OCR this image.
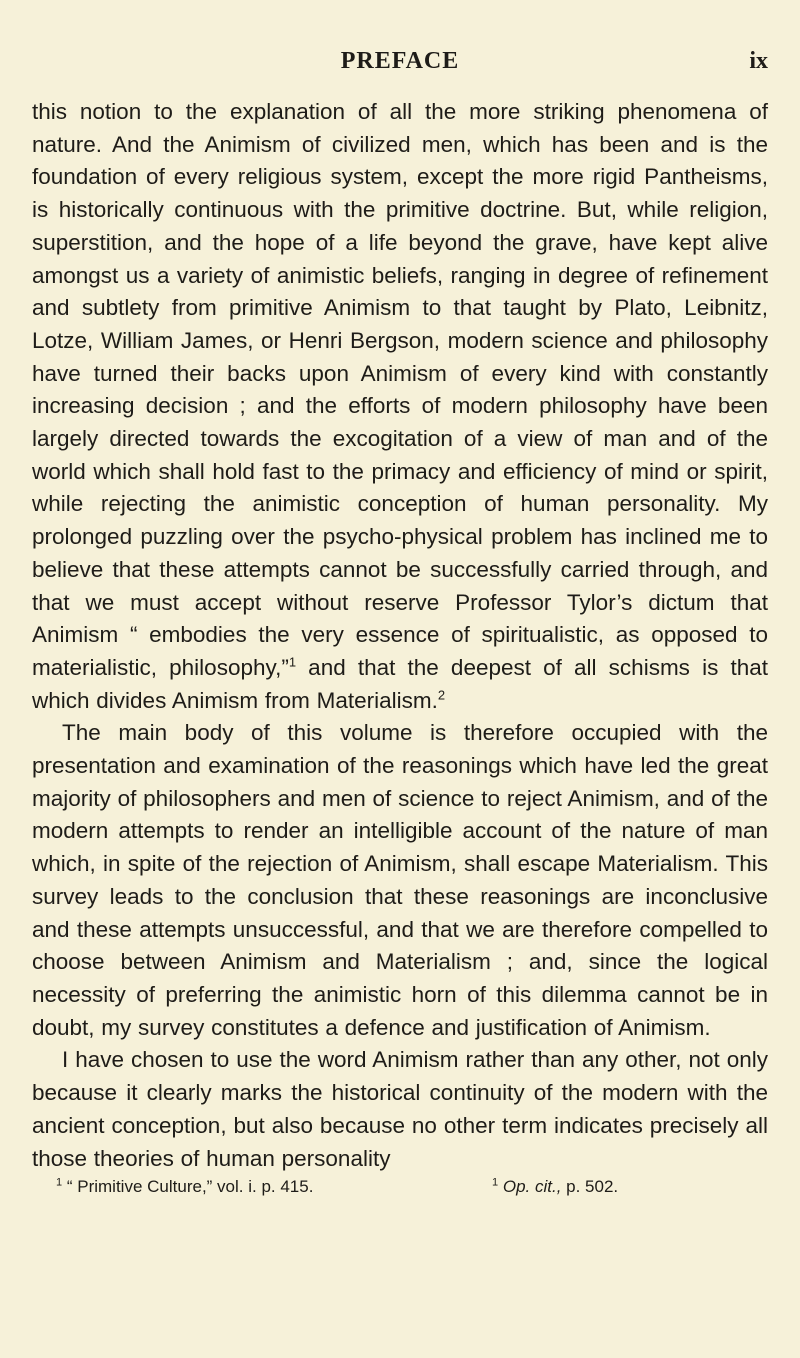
PREFACE	ix

this notion to the explanation of all the more striking phenomena of nature. And the Animism of civilized men, which has been and is the foundation of every religious system, except the more rigid Pantheisms, is historically continuous with the primitive doctrine. But, while religion, superstition, and the hope of a life beyond the grave, have kept alive amongst us a variety of animistic beliefs, ranging in degree of refinement and subtlety from primitive Animism to that taught by Plato, Leibnitz, Lotze, William James, or Henri Bergson, modern science and philosophy have turned their backs upon Animism of every kind with constantly increasing decision ; and the efforts of modern philosophy have been largely directed towards the excogitation of a view of man and of the world which shall hold fast to the primacy and efficiency of mind or spirit, while rejecting the animistic conception of human personality. My prolonged puzzling over the psycho-physical problem has inclined me to believe that these attempts cannot be successfully carried through, and that we must accept without reserve Professor Tylor’s dictum that Animism “ embodies the very essence of spiritualistic, as opposed to materialistic, philosophy,”$^1$ and that the deepest of all schisms is that which divides Animism from Materialism.$^2$

The main body of this volume is therefore occupied with the presentation and examination of the reasonings which have led the great majority of philosophers and men of science to reject Animism, and of the modern attempts to render an intelligible account of the nature of man which, in spite of the rejection of Animism, shall escape Materialism. This survey leads to the conclusion that these reasonings are inconclusive and these attempts unsuccessful, and that we are therefore compelled to choose between Animism and Materialism ; and, since the logical necessity of preferring the animistic horn of this dilemma cannot be in doubt, my survey constitutes a defence and justification of Animism.

I have chosen to use the word Animism rather than any other, not only because it clearly marks the historical continuity of the modern with the ancient conception, but also because no other term indicates precisely all those theories of human personality

$^1$ “ Primitive Culture,” vol. i. p. 415.	$^1$ Op. cit., p. 502.
